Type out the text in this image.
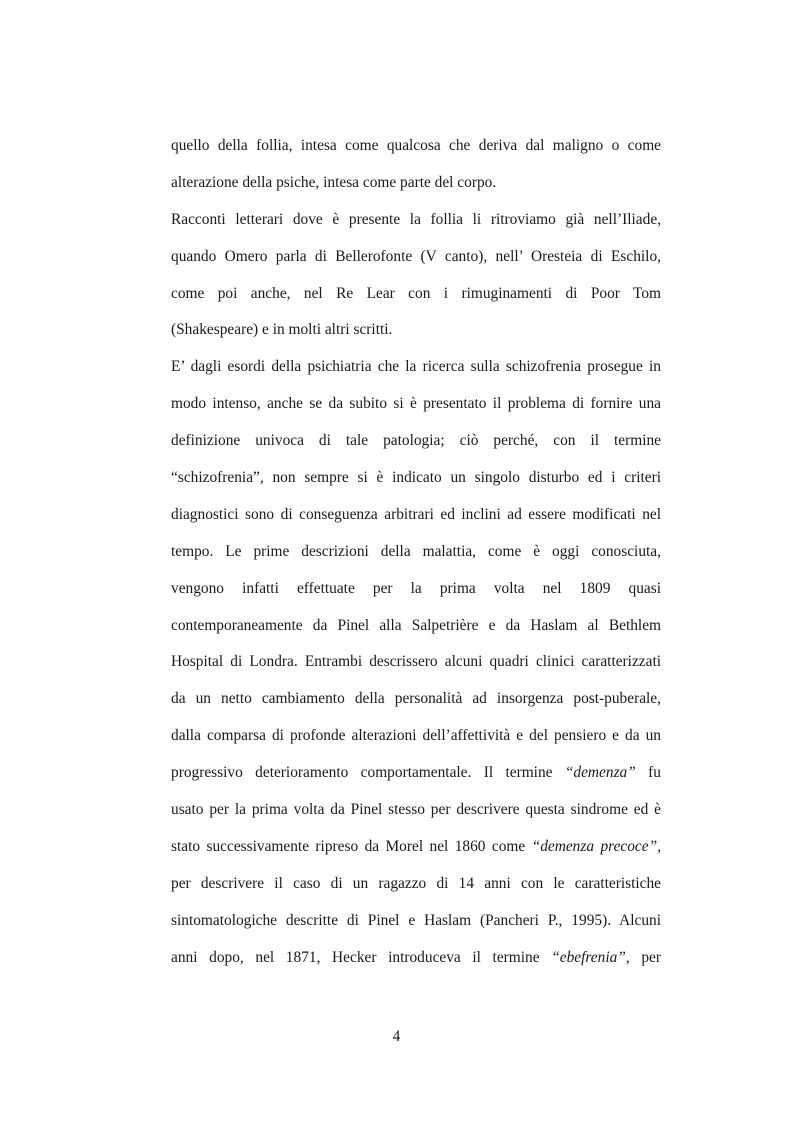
quello della follia, intesa come qualcosa che deriva dal maligno o come
alterazione della psiche, intesa come parte del corpo.
Racconti letterari dove è presente la follia li ritroviamo già nell’Iliade,
quando Omero parla di Bellerofonte (V canto), nell’ Oresteia di Eschilo,
come poi anche, nel Re Lear con i rimuginamenti di Poor Tom
(Shakespeare) e in molti altri scritti.
E’ dagli esordi della psichiatria che la ricerca sulla schizofrenia prosegue in
modo intenso, anche se da subito si è presentato il problema di fornire una
definizione univoca di tale patologia; ciò perché, con il termine
“schizofrenia”, non sempre si è indicato un singolo disturbo ed i criteri
diagnostici sono di conseguenza arbitrari ed inclini ad essere modificati nel
tempo. Le prime descrizioni della malattia, come è oggi conosciuta,
vengono infatti effettuate per la prima volta nel 1809 quasi
contemporaneamente da Pinel alla Salpetrière e da Haslam al Bethlem
Hospital di Londra. Entrambi descrissero alcuni quadri clinici caratterizzati
da un netto cambiamento della personalità ad insorgenza post-puberale,
dalla comparsa di profonde alterazioni dell’affettività e del pensiero e da un
progressivo deterioramento comportamentale. Il termine “demenza” fu
usato per la prima volta da Pinel stesso per descrivere questa sindrome ed è
stato successivamente ripreso da Morel nel 1860 come “demenza precoce”,
per descrivere il caso di un ragazzo di 14 anni con le caratteristiche
sintomatologiche descritte di Pinel e Haslam (Pancheri P., 1995). Alcuni
anni dopo, nel 1871, Hecker introduceva il termine “ebefrenia”, per
4
